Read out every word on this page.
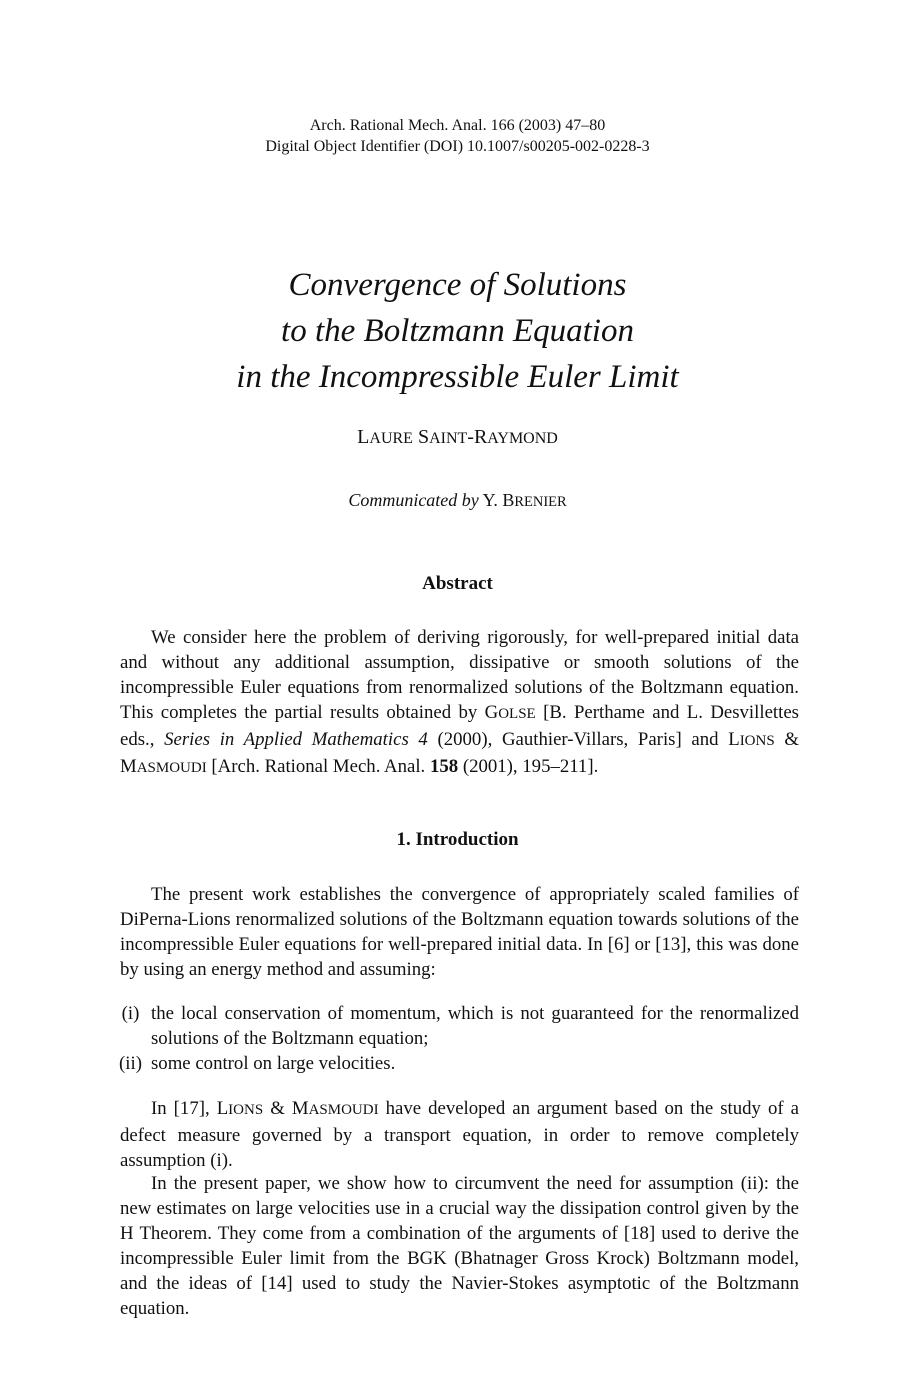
Arch. Rational Mech. Anal. 166 (2003) 47–80
Digital Object Identifier (DOI) 10.1007/s00205-002-0228-3
Convergence of Solutions
to the Boltzmann Equation
in the Incompressible Euler Limit
LAURE SAINT-RAYMOND
Communicated by Y. BRENIER
Abstract
We consider here the problem of deriving rigorously, for well-prepared initial data and without any additional assumption, dissipative or smooth solutions of the incompressible Euler equations from renormalized solutions of the Boltzmann equation. This completes the partial results obtained by GOLSE [B. Perthame and L. Desvillettes eds., Series in Applied Mathematics 4 (2000), Gauthier-Villars, Paris] and LIONS & MASMOUDI [Arch. Rational Mech. Anal. 158 (2001), 195–211].
1. Introduction
The present work establishes the convergence of appropriately scaled families of DiPerna-Lions renormalized solutions of the Boltzmann equation towards solutions of the incompressible Euler equations for well-prepared initial data. In [6] or [13], this was done by using an energy method and assuming:
(i) the local conservation of momentum, which is not guaranteed for the renormalized solutions of the Boltzmann equation;
(ii) some control on large velocities.
In [17], LIONS & MASMOUDI have developed an argument based on the study of a defect measure governed by a transport equation, in order to remove completely assumption (i).
In the present paper, we show how to circumvent the need for assumption (ii): the new estimates on large velocities use in a crucial way the dissipation control given by the H Theorem. They come from a combination of the arguments of [18] used to derive the incompressible Euler limit from the BGK (Bhatnager Gross Krock) Boltzmann model, and the ideas of [14] used to study the Navier-Stokes asymptotic of the Boltzmann equation.
